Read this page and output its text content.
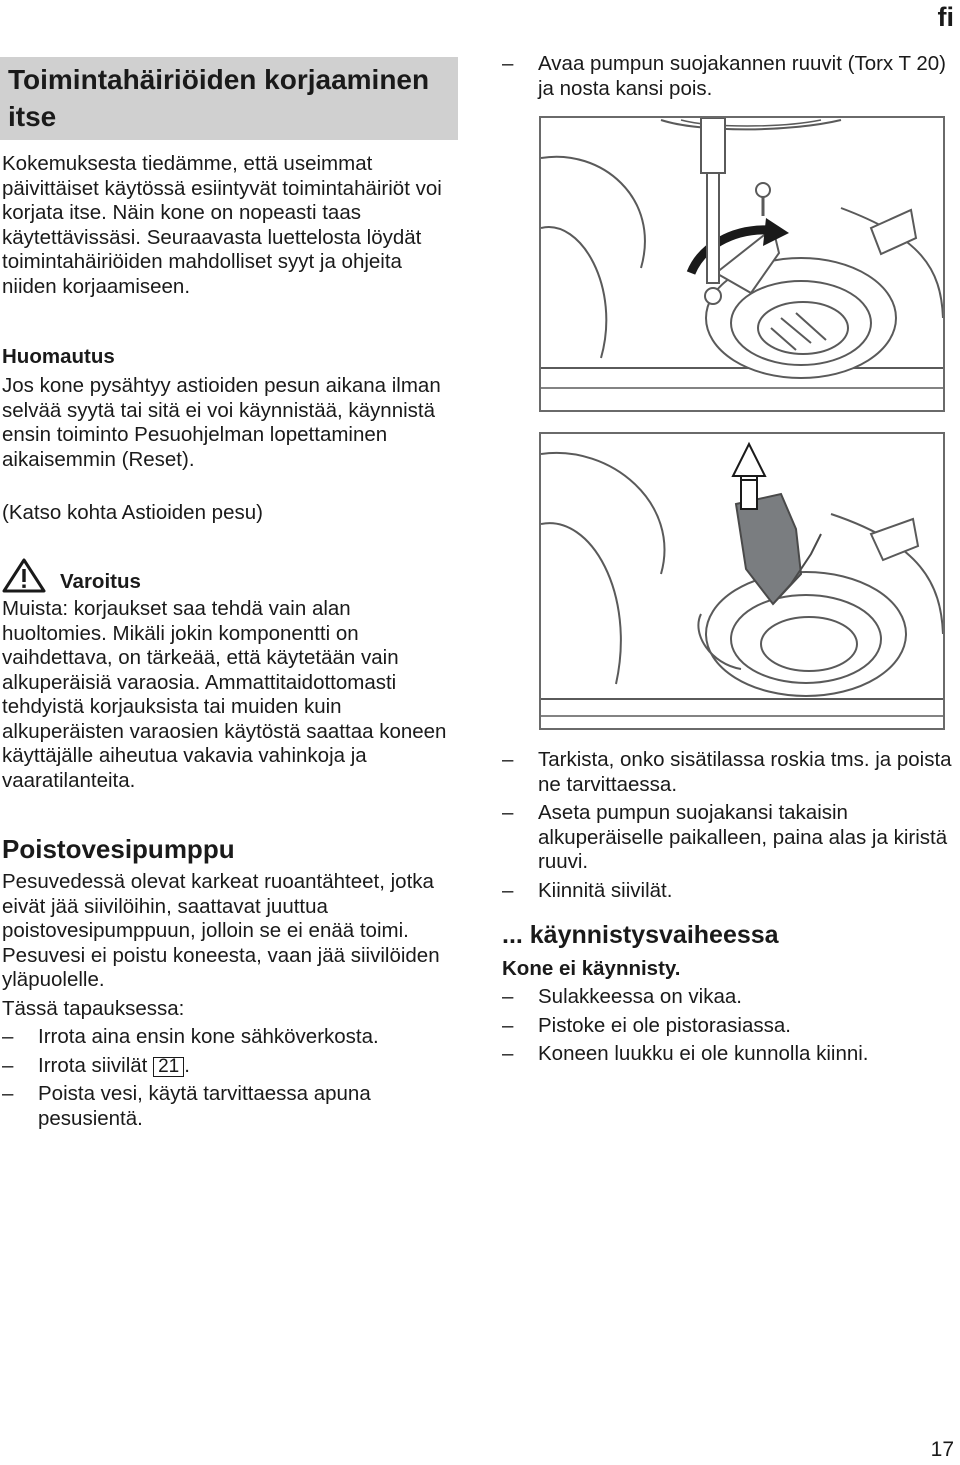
fi
17
Toimintahäiriöiden korjaaminen itse
Kokemuksesta tiedämme, että useimmat päivittäiset käytössä esiintyvät toimintahäiriöt voi korjata itse. Näin kone on nopeasti taas käytettävissäsi. Seuraavasta luettelosta löydät toimintahäiriöiden mahdolliset syyt ja ohjeita niiden korjaamiseen.
Huomautus
Jos kone pysähtyy astioiden pesun aikana ilman selvää syytä tai sitä ei voi käynnistää, käynnistä ensin toiminto Pesuohjelman lopettaminen aikaisemmin (Reset).
(Katso kohta Astioiden pesu)
Varoitus
Muista: korjaukset saa tehdä vain alan huoltomies. Mikäli jokin komponentti on vaihdettava, on tärkeää, että käytetään vain alkuperäisiä varaosia. Ammattitaidottomasti tehdyistä korjauksista tai muiden kuin alkuperäisten varaosien käytöstä saattaa koneen käyttäjälle aiheutua vakavia vahinkoja ja vaaratilanteita.
Poistovesipumppu
Pesuvedessä olevat karkeat ruoantähteet, jotka eivät jää siivilöihin, saattavat juuttua poistovesipumppuun, jolloin se ei enää toimi. Pesuvesi ei poistu koneesta, vaan jää siivilöiden yläpuolelle.
Tässä tapauksessa:
–	Irrota aina ensin kone sähköverkosta.
–	Irrota siivilät 21 .
–	Poista vesi, käytä tarvittaessa apuna pesusientä.
–	Avaa pumpun suojakannen ruuvit (Torx T 20) ja nosta kansi pois.
–	Tarkista, onko sisätilassa roskia tms. ja poista ne tarvittaessa.
–	Aseta pumpun suojakansi takaisin alkuperäiselle paikalleen, paina alas ja kiristä ruuvi.
–	Kiinnitä siivilät.
... käynnistysvaiheessa
Kone ei käynnisty.
–	Sulakkeessa on vikaa.
–	Pistoke ei ole pistorasiassa.
–	Koneen luukku ei ole kunnolla kiinni.
